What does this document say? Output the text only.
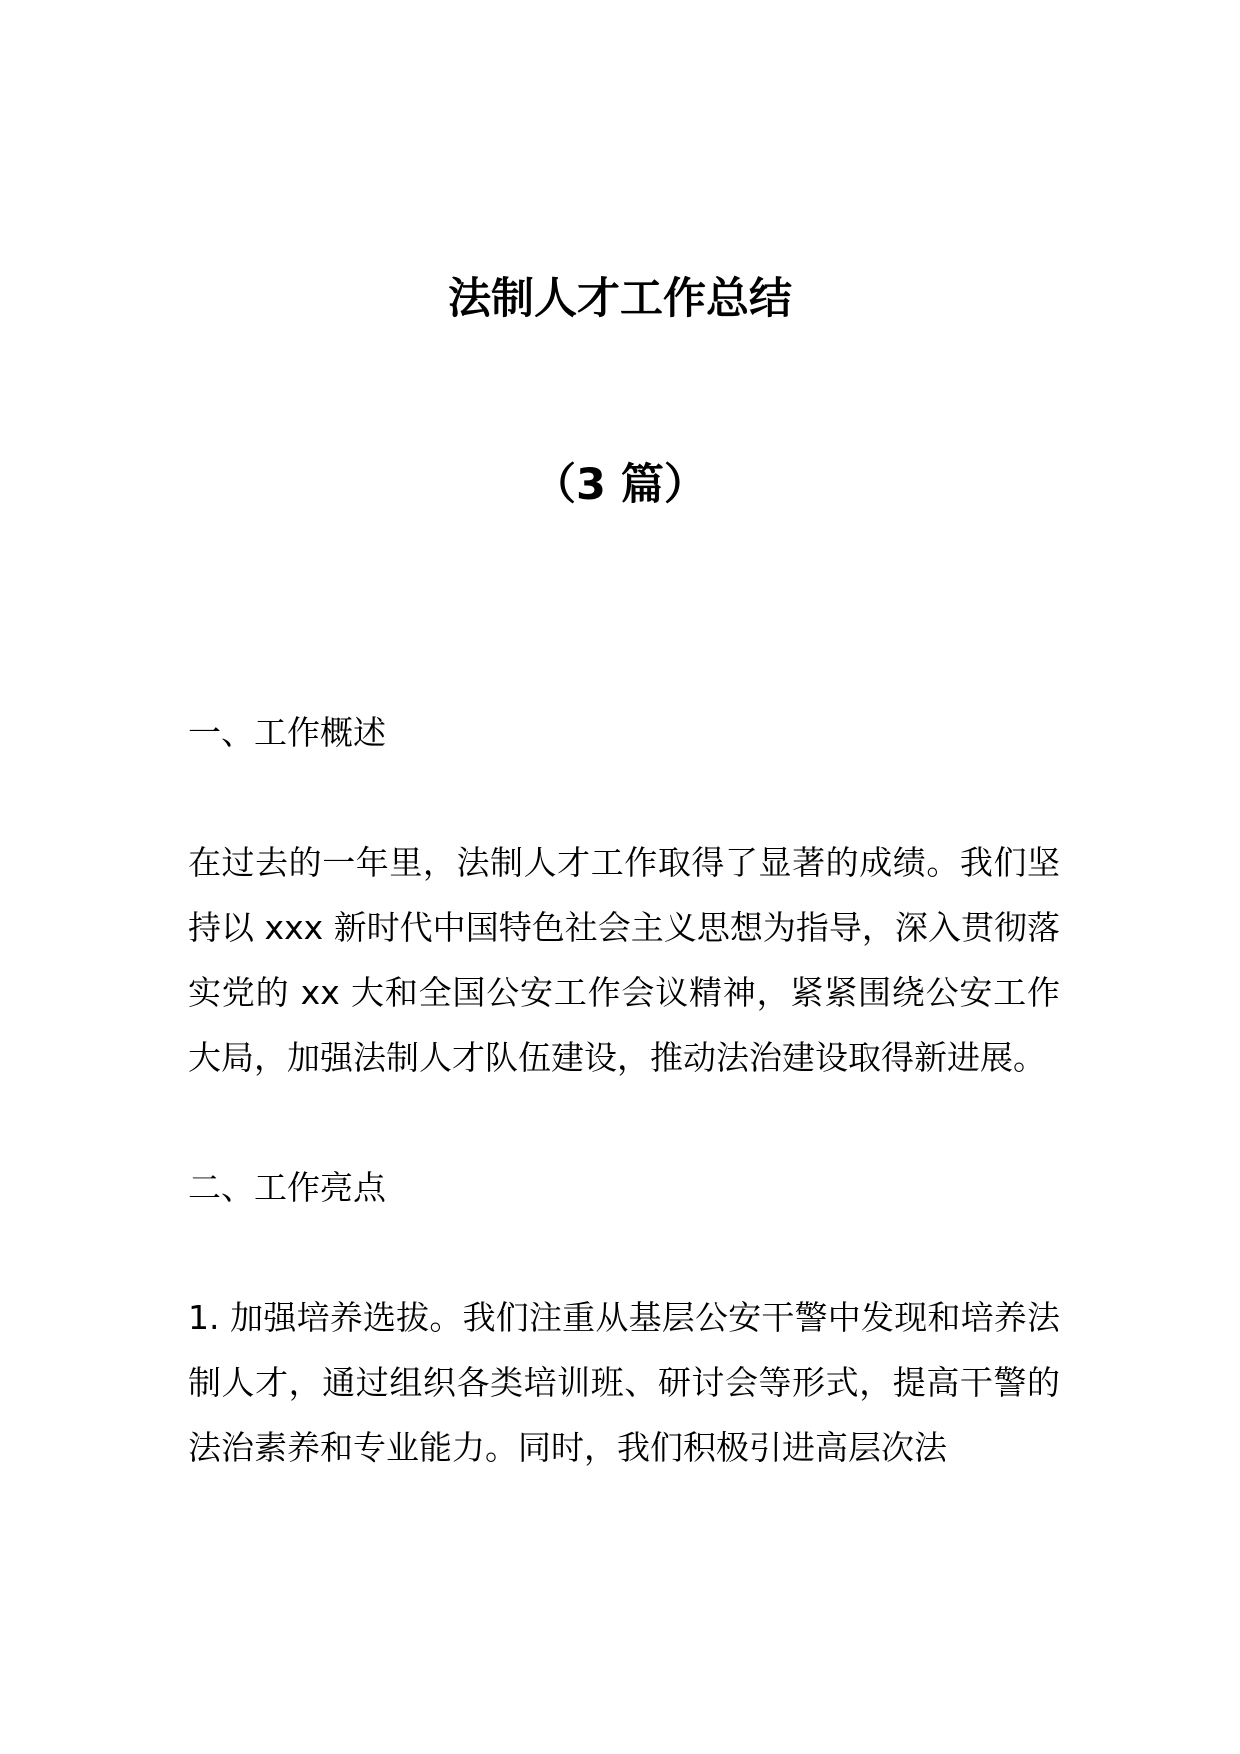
法制人才工作总结
（3 篇）
一、工作概述

在过去的一年里，法制人才工作取得了显著的成绩。我们坚持以 xxx 新时代中国特色社会主义思想为指导，深入贯彻落实党的 xx 大和全国公安工作会议精神，紧紧围绕公安工作大局，加强法制人才队伍建设，推动法治建设取得新进展。

二、工作亮点

1. 加强培养选拔。我们注重从基层公安干警中发现和培养法制人才，通过组织各类培训班、研讨会等形式，提高干警的法治素养和专业能力。同时，我们积极引进高层次法
